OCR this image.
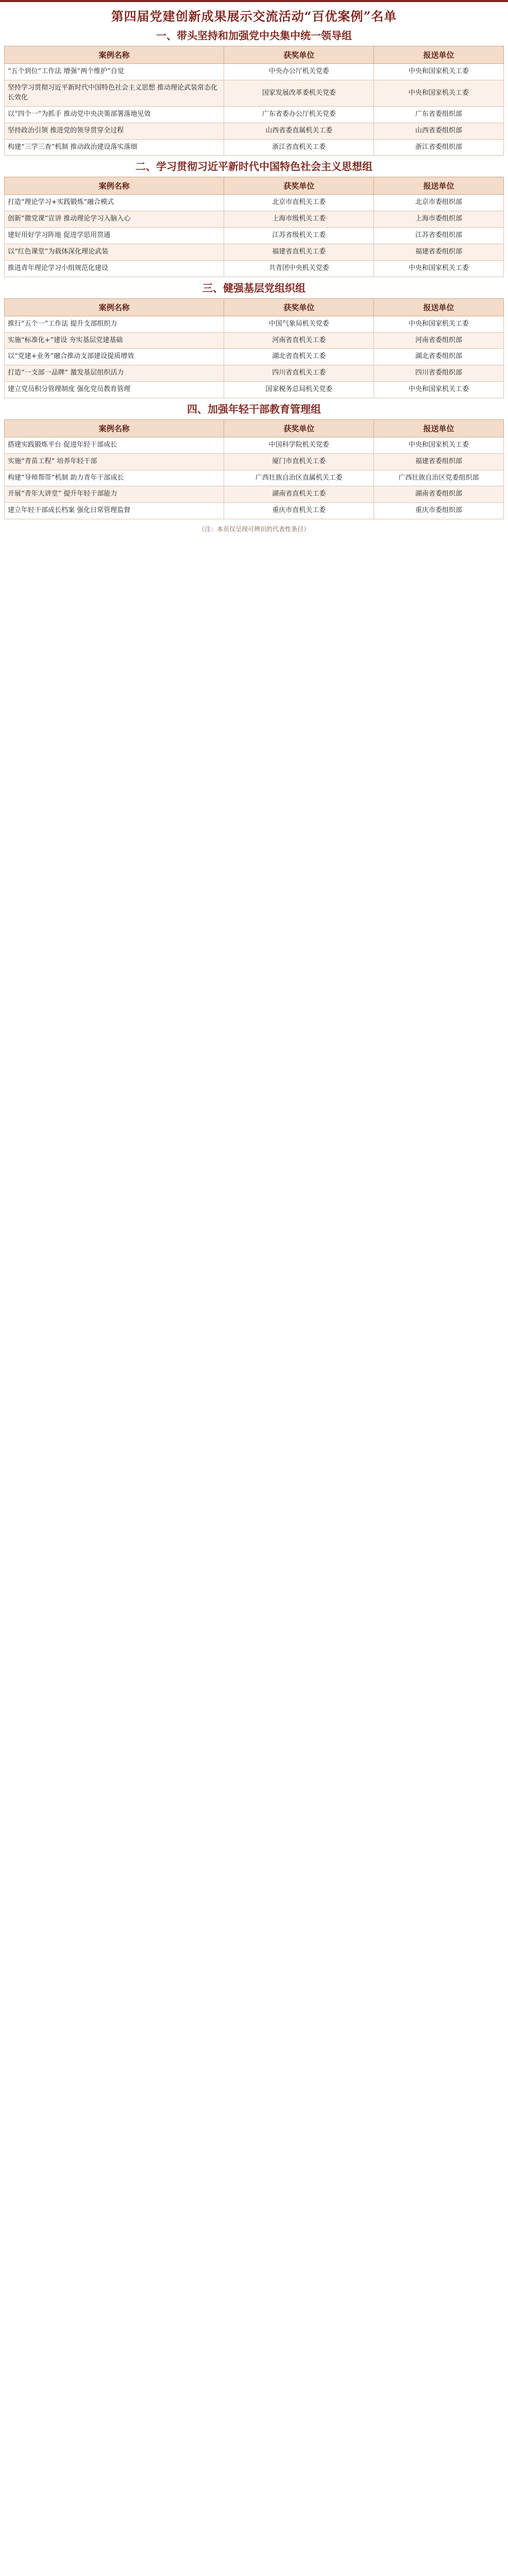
第四届党建创新成果展示交流活动“百优案例”名单
一、带头坚持和加强党中央集中统一领导组
案例名称	获奖单位	报送单位
“五个到位”工作法 增强“两个维护”自觉	中央办公厅机关党委	中央和国家机关工委
坚持学习贯彻习近平新时代中国特色社会主义思想 推动理论武装常态化长效化	国家发展改革委机关党委	中央和国家机关工委
以“四个一”为抓手 推动党中央决策部署落地见效	广东省委办公厅机关党委	广东省委组织部
坚持政治引领 推进党的领导贯穿全过程	山西省委直属机关工委	山西省委组织部
构建“三学三查”机制 推动政治建设落实落细	浙江省直机关工委	浙江省委组织部
二、学习贯彻习近平新时代中国特色社会主义思想组
案例名称	获奖单位	报送单位
打造“理论学习+实践锻炼”融合模式	北京市直机关工委	北京市委组织部
创新“微党课”宣讲 推动理论学习入脑入心	上海市级机关工委	上海市委组织部
建好用好学习阵地 促进学思用贯通	江苏省级机关工委	江苏省委组织部
以“红色课堂”为载体深化理论武装	福建省直机关工委	福建省委组织部
推进青年理论学习小组规范化建设	共青团中央机关党委	中央和国家机关工委
三、健强基层党组织组
案例名称	获奖单位	报送单位
推行“五个一”工作法 提升支部组织力	中国气象局机关党委	中央和国家机关工委
实施“标准化+”建设 夯实基层党建基础	河南省直机关工委	河南省委组织部
以“党建+业务”融合推动支部建设提质增效	湖北省直机关工委	湖北省委组织部
打造“一支部一品牌” 激发基层组织活力	四川省直机关工委	四川省委组织部
建立党员积分管理制度 强化党员教育管理	国家税务总局机关党委	中央和国家机关工委
四、加强年轻干部教育管理组
案例名称	获奖单位	报送单位
搭建实践锻炼平台 促进年轻干部成长	中国科学院机关党委	中央和国家机关工委
实施“青苗工程” 培养年轻干部	厦门市直机关工委	福建省委组织部
构建“导师帮带”机制 助力青年干部成长	广西壮族自治区直属机关工委	广西壮族自治区党委组织部
开展“青年大讲堂” 提升年轻干部能力	湖南省直机关工委	湖南省委组织部
建立年轻干部成长档案 强化日常管理监督	重庆市直机关工委	重庆市委组织部
（注：本页仅呈现可辨识的代表性条目）
